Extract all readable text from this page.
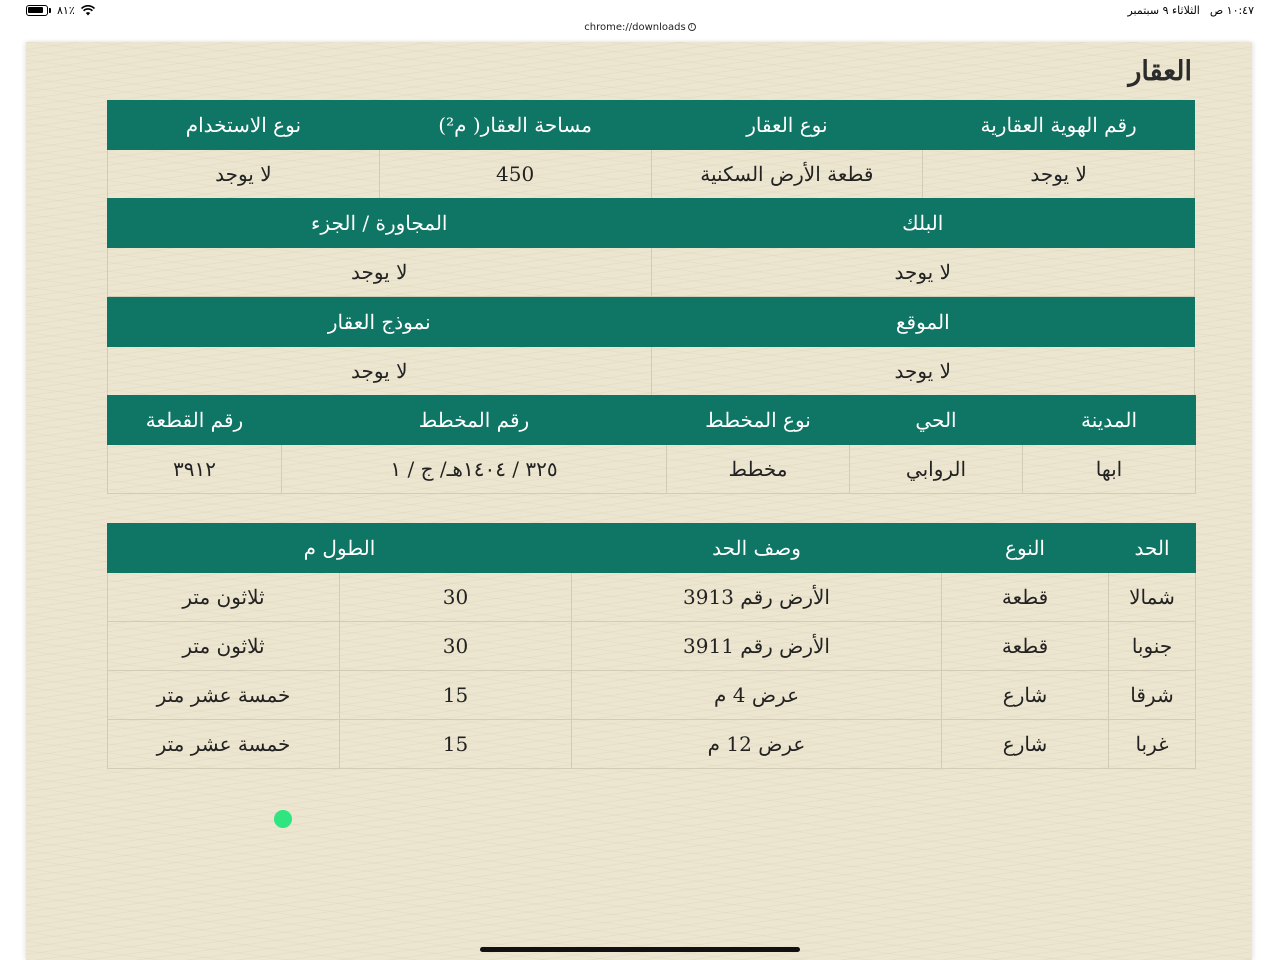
٨١٪	١٠:٤٧ ص
الثلاثاء ٩ سبتمبر
chrome://downloads i
العقار
رقم الهوية العقارية	نوع العقار	مساحة العقار( م²)	نوع الاستخدام
لا يوجد	قطعة الأرض السكنية	450	لا يوجد
البلك	المجاورة / الجزء
لا يوجد	لا يوجد
الموقع	نموذج العقار
لا يوجد	لا يوجد
المدينة	الحي	نوع المخطط	رقم المخطط	رقم القطعة
ابها	الروابي	مخطط	٣٢٥ / ١٤٠٤هـ/ ج / ١	٣٩١٢
الحد	النوع	وصف الحد	الطول م	
شمالا	قطعة	الأرض رقم 3913	30	ثلاثون متر
جنوبا	قطعة	الأرض رقم 3911	30	ثلاثون متر
شرقا	شارع	عرض 4 م	15	خمسة عشر متر
غربا	شارع	عرض 12 م	15	خمسة عشر متر
